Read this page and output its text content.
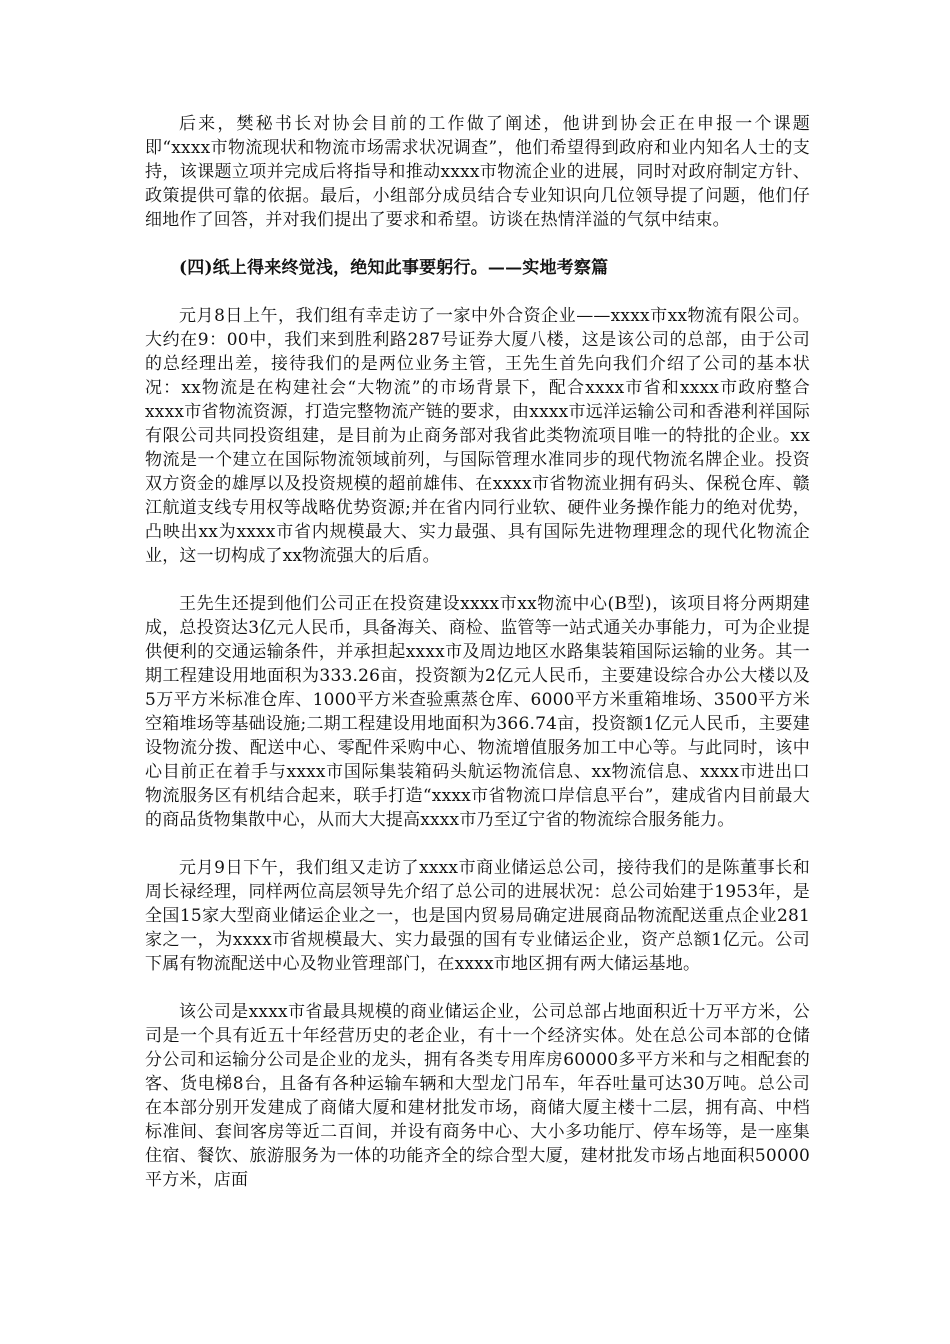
后来，樊秘书长对协会目前的工作做了阐述，他讲到协会正在申报一个课题即“xxxx市物流现状和物流市场需求状况调查”，他们希望得到政府和业内知名人士的支持，该课题立项并完成后将指导和推动xxxx市物流企业的进展，同时对政府制定方针、政策提供可靠的依据。最后，小组部分成员结合专业知识向几位领导提了问题，他们仔细地作了回答，并对我们提出了要求和希望。访谈在热情洋溢的气氛中结束。

(四)纸上得来终觉浅，绝知此事要躬行。——实地考察篇

元月8日上午，我们组有幸走访了一家中外合资企业——xxxx市xx物流有限公司。大约在9：00中，我们来到胜利路287号证券大厦八楼，这是该公司的总部，由于公司的总经理出差，接待我们的是两位业务主管，王先生首先向我们介绍了公司的基本状况：xx物流是在构建社会“大物流”的市场背景下，配合xxxx市省和xxxx市政府整合xxxx市省物流资源，打造完整物流产链的要求，由xxxx市远洋运输公司和香港利祥国际有限公司共同投资组建，是目前为止商务部对我省此类物流项目唯一的特批的企业。xx物流是一个建立在国际物流领域前列，与国际管理水准同步的现代物流名牌企业。投资双方资金的雄厚以及投资规模的超前雄伟、在xxxx市省物流业拥有码头、保税仓库、赣江航道支线专用权等战略优势资源;并在省内同行业软、硬件业务操作能力的绝对优势，凸映出xx为xxxx市省内规模最大、实力最强、具有国际先进物理理念的现代化物流企业，这一切构成了xx物流强大的后盾。

王先生还提到他们公司正在投资建设xxxx市xx物流中心(B型)，该项目将分两期建成，总投资达3亿元人民币，具备海关、商检、监管等一站式通关办事能力，可为企业提供便利的交通运输条件，并承担起xxxx市及周边地区水路集装箱国际运输的业务。其一期工程建设用地面积为333.26亩，投资额为2亿元人民币，主要建设综合办公大楼以及5万平方米标准仓库、1000平方米查验熏蒸仓库、6000平方米重箱堆场、3500平方米空箱堆场等基础设施;二期工程建设用地面积为366.74亩，投资额1亿元人民币，主要建设物流分拨、配送中心、零配件采购中心、物流增值服务加工中心等。与此同时，该中心目前正在着手与xxxx市国际集装箱码头航运物流信息、xx物流信息、xxxx市进出口物流服务区有机结合起来，联手打造“xxxx市省物流口岸信息平台”，建成省内目前最大的商品货物集散中心，从而大大提高xxxx市乃至辽宁省的物流综合服务能力。

元月9日下午，我们组又走访了xxxx市商业储运总公司，接待我们的是陈董事长和周长禄经理，同样两位高层领导先介绍了总公司的进展状况：总公司始建于1953年，是全国15家大型商业储运企业之一，也是国内贸易局确定进展商品物流配送重点企业281家之一，为xxxx市省规模最大、实力最强的国有专业储运企业，资产总额1亿元。公司下属有物流配送中心及物业管理部门，在xxxx市地区拥有两大储运基地。

该公司是xxxx市省最具规模的商业储运企业，公司总部占地面积近十万平方米，公司是一个具有近五十年经营历史的老企业，有十一个经济实体。处在总公司本部的仓储分公司和运输分公司是企业的龙头，拥有各类专用库房60000多平方米和与之相配套的客、货电梯8台，且备有各种运输车辆和大型龙门吊车，年吞吐量可达30万吨。总公司在本部分别开发建成了商储大厦和建材批发市场，商储大厦主楼十二层，拥有高、中档标准间、套间客房等近二百间，并设有商务中心、大小多功能厅、停车场等，是一座集住宿、餐饮、旅游服务为一体的功能齐全的综合型大厦，建材批发市场占地面积50000平方米，店面
